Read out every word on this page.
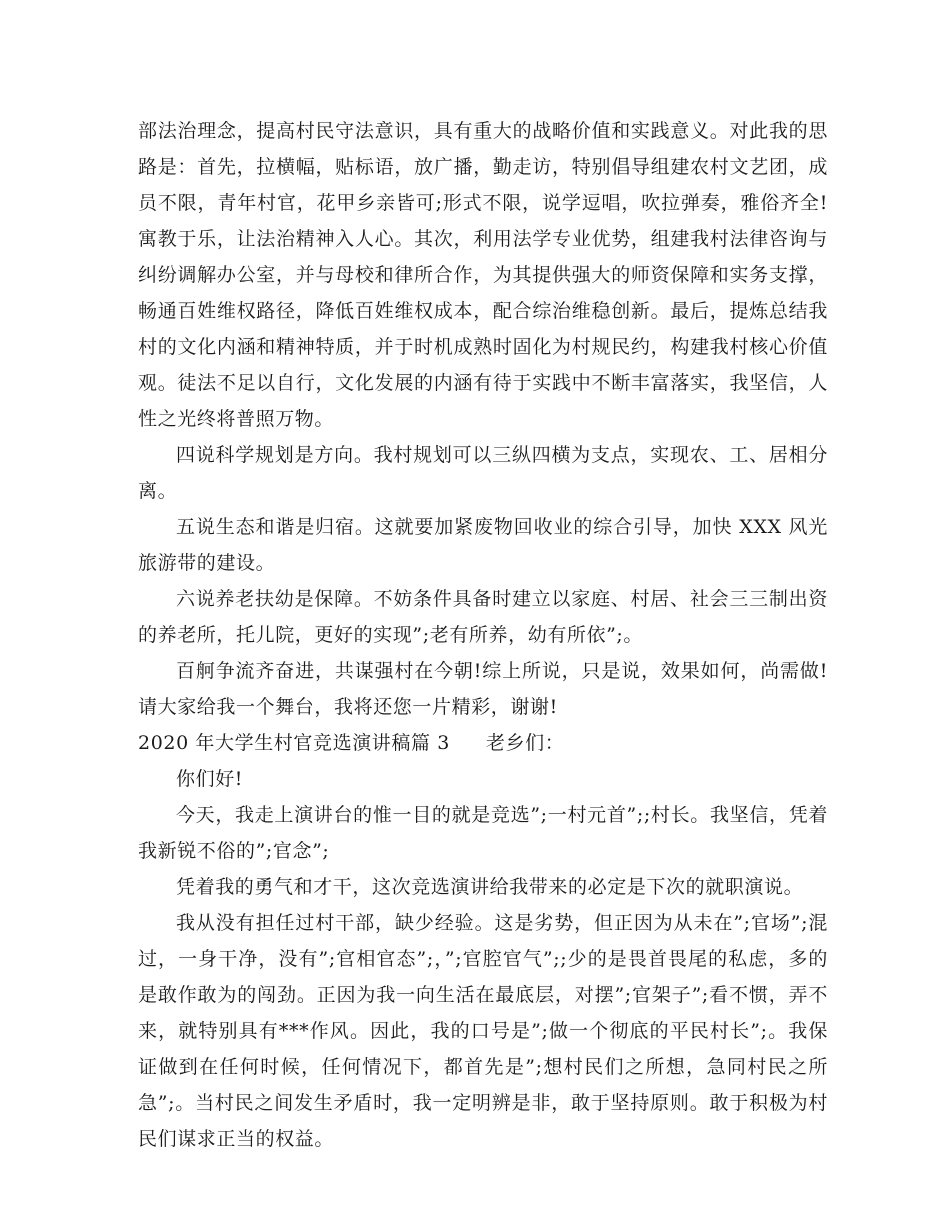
部法治理念，提高村民守法意识，具有重大的战略价值和实践意义。对此我的思路是：首先，拉横幅，贴标语，放广播，勤走访，特别倡导组建农村文艺团，成员不限，青年村官，花甲乡亲皆可;形式不限，说学逗唱，吹拉弹奏，雅俗齐全!寓教于乐，让法治精神入人心。其次，利用法学专业优势，组建我村法律咨询与纠纷调解办公室，并与母校和律所合作，为其提供强大的师资保障和实务支撑，畅通百姓维权路径，降低百姓维权成本，配合综治维稳创新。最后，提炼总结我村的文化内涵和精神特质，并于时机成熟时固化为村规民约，构建我村核心价值观。徒法不足以自行，文化发展的内涵有待于实践中不断丰富落实，我坚信，人性之光终将普照万物。

四说科学规划是方向。我村规划可以三纵四横为支点，实现农、工、居相分离。

五说生态和谐是归宿。这就要加紧废物回收业的综合引导，加快 XXX 风光旅游带的建设。

六说养老扶幼是保障。不妨条件具备时建立以家庭、村居、社会三三制出资的养老所，托儿院，更好的实现”;老有所养，幼有所依”;。

百舸争流齐奋进，共谋强村在今朝!综上所说，只是说，效果如何，尚需做!请大家给我一个舞台，我将还您一片精彩，谢谢!

2020 年大学生村官竞选演讲稿篇 3 老乡们：

你们好!

今天，我走上演讲台的惟一目的就是竞选”;一村元首”;;村长。我坚信，凭着我新锐不俗的”;官念”;

凭着我的勇气和才干，这次竞选演讲给我带来的必定是下次的就职演说。

我从没有担任过村干部，缺少经验。这是劣势，但正因为从未在”;官场”;混过，一身干净，没有”;官相官态”;，”;官腔官气”;;少的是畏首畏尾的私虑，多的是敢作敢为的闯劲。正因为我一向生活在最底层，对摆”;官架子”;看不惯，弄不来，就特别具有***作风。因此，我的口号是”;做一个彻底的平民村长”;。我保证做到在任何时候，任何情况下，都首先是”;想村民们之所想，急同村民之所急”;。当村民之间发生矛盾时，我一定明辨是非，敢于坚持原则。敢于积极为村民们谋求正当的权益。
